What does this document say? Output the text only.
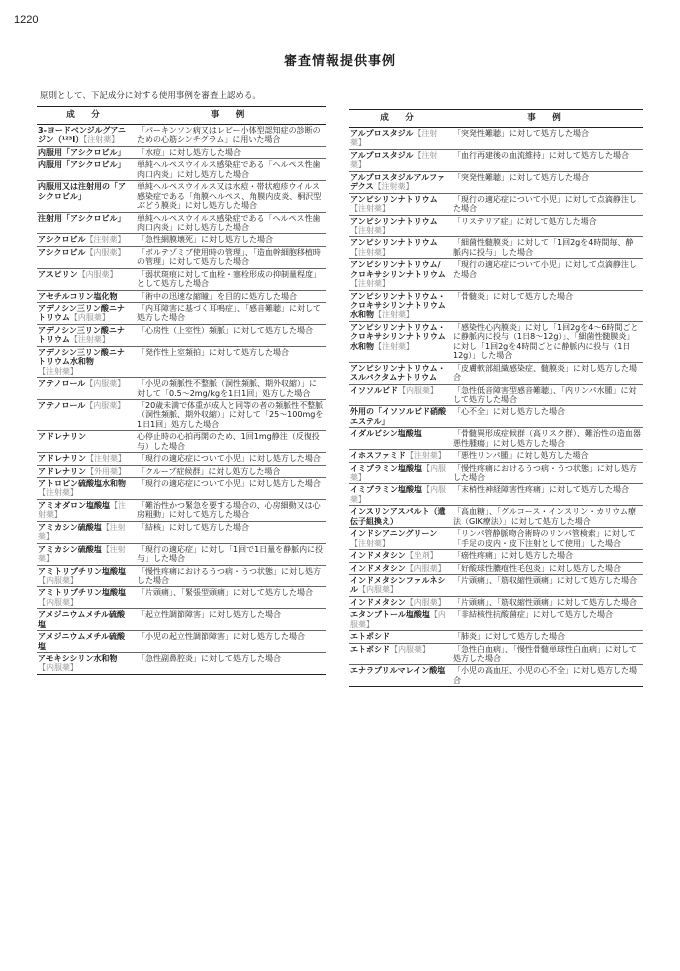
1220
審査情報提供事例
原則として、下記成分に対する使用事例を審査上認める。
成　分	事　例
3-ヨードベンジルグアニジン（¹²³I）【注射薬】	「パーキンソン病又はレビー小体型認知症の診断のための心筋シンチグラム」に用いた場合
内服用「アシクロビル」	「水痘」に対し処方した場合
内服用「アシクロビル」	単純ヘルペスウイルス感染症である「ヘルペス性歯肉口内炎」に対し処方した場合
内服用又は注射用の「アシクロビル」	単純ヘルペスウイルス又は水痘・帯状疱疹ウイルス感染症である「角膜ヘルペス、角膜内皮炎、桐沢型ぶどう膜炎」に対し処方した場合
注射用「アシクロビル」	単純ヘルペスウイルス感染症である「ヘルペス性歯肉口内炎」に対し処方した場合
アシクロビル【注射薬】	「急性網膜壊死」に対し処方した場合
アシクロビル【内服薬】	「ボルテゾミブ使用時の管理」、「造血幹細胞移植時の管理」に対して処方した場合
アスピリン【内服薬】	「弱状斑痕に対して血栓・塞栓形成の抑制量程度」として処方した場合
アセチルコリン塩化物	「術中の迅速な縮瞳」を目的に処方した場合
アデノシン三リン酸ニナトリウム【内服薬】	「内耳障害に基づく耳鳴症」、「感音難聴」に対して処方した場合
アデノシン三リン酸ニナトリウム【注射薬】	「心房性（上室性）頻脈」に対して処方した場合
アデノシン三リン酸ニナトリウム水和物【注射薬】	「発作性上室頻拍」に対して処方した場合
アテノロール【内服薬】	「小児の頻脈性不整脈（洞性頻脈、期外収縮）」に対して「0.5〜2mg/kgを1日1回」処方した場合
アテノロール【内服薬】	「20歳未満で体重が成人と同等の者の頻脈性不整脈（洞性頻脈、期外収縮）」に対して「25〜100mgを1日1回」処方した場合
アドレナリン	心停止時の心拍再開のため、1回1mg静注（反復投与）した場合
アドレナリン【注射薬】	「現行の適応症について小児」に対し処方した場合
アドレナリン【外用薬】	「クループ症候群」に対し処方した場合
アトロピン硫酸塩水和物【注射薬】	「現行の適応症について小児」に対し処方した場合
アミオダロン塩酸塩【注射薬】	「難治性かつ緊急を要する場合の、心房細動又は心房粗動」に対して処方した場合
アミカシン硫酸塩【注射薬】	「結核」に対して処方した場合
アミカシン硫酸塩【注射薬】	「現行の適応症」に対し「1回で1日量を静脈内に投与」した場合
アミトリプチリン塩酸塩【内服薬】	「慢性疼痛におけるうつ病・うつ状態」に対し処方した場合
アミトリプチリン塩酸塩【内服薬】	「片頭痛」、「緊張型頭痛」に対して処方した場合
アメジニウムメチル硫酸塩	「起立性調節障害」に対し処方した場合
アメジニウムメチル硫酸塩	「小児の起立性調節障害」に対し処方した場合
アモキシシリン水和物【内服薬】	「急性副鼻腔炎」に対して処方した場合
成　分	事　例
アルプロスタジル【注射薬】	「突発性難聴」に対して処方した場合
アルプロスタジル【注射薬】	「血行再建後の血流維持」に対して処方した場合
アルプロスタジルアルファデクス【注射薬】	「突発性難聴」に対して処方した場合
アンピシリンナトリウム【注射薬】	「現行の適応症について小児」に対して点滴静注した場合
アンピシリンナトリウム【注射薬】	「リステリア症」に対して処方した場合
アンピシリンナトリウム【注射薬】	「細菌性髄膜炎」に対して「1回2gを4時間毎、静脈内に投与」した場合
アンピシリンナトリウム/クロキサシリンナトリウム【注射薬】	「現行の適応症について小児」に対して点滴静注した場合
アンピシリンナトリウム・クロキサシリンナトリウム水和物【注射薬】	「骨髄炎」に対して処方した場合
アンピシリンナトリウム・クロキサシリンナトリウム水和物【注射薬】	「感染性心内膜炎」に対し「1回2gを4〜6時間ごとに静脈内に投与（1日8〜12g）」、「細菌性髄膜炎」に対し「1回2gを4時間ごとに静脈内に投与（1日12g）」した場合
アンピシリンナトリウム・スルバクタムナトリウム	「皮膚軟部組織感染症、髄膜炎」に対し処方した場合
イソソルビド【内服薬】	「急性低音障害型感音難聴」、「内リンパ水腫」に対して処方した場合
外用の「イソソルビド硝酸エステル」	「心不全」に対し処方した場合
イダルビシン塩酸塩	「骨髄異形成症候群（高リスク群）、難治性の造血器悪性腫瘍」に対し処方した場合
イホスファミド【注射薬】	「悪性リンパ腫」に対し処方した場合
イミプラミン塩酸塩【内服薬】	「慢性疼痛におけるうつ病・うつ状態」に対し処方した場合
イミプラミン塩酸塩【内服薬】	「末梢性神経障害性疼痛」に対して処方した場合
インスリンアスパルト（遺伝子組換え）	「高血糖」、「グルコース・インスリン・カリウム療法（GIK療法）」に対して処方した場合
インドシアニングリーン【注射薬】	「リンパ管静脈吻合術時のリンパ管検索」に対して「手足の皮内・皮下注射として使用」した場合
インドメタシン【坐剤】	「癌性疼痛」に対し処方した場合
インドメタシン【内服薬】	「好酸球性膿疱性毛包炎」に対し処方した場合
インドメタシンファルネシル【内服薬】	「片頭痛」、「筋収縮性頭痛」に対して処方した場合
インドメタシン【内服薬】	「片頭痛」、「筋収縮性頭痛」に対して処方した場合
エタンブトール塩酸塩【内服薬】	「非結核性抗酸菌症」に対して処方した場合
エトポシド	「肺炎」に対して処方した場合
エトポシド【内服薬】	「急性白血病」、「慢性骨髄単球性白血病」に対して処方した場合
エナラプリルマレイン酸塩	「小児の高血圧、小児の心不全」に対し処方した場合
